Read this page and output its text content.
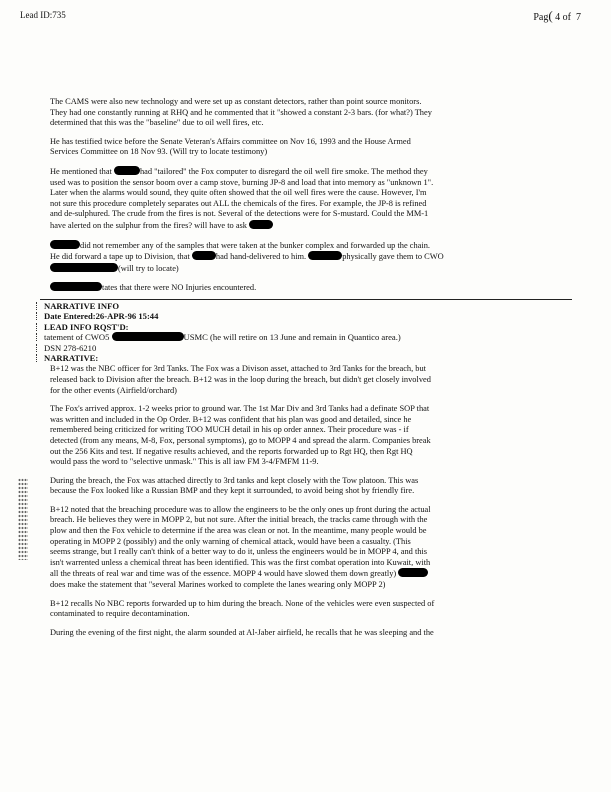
Lead ID:735	Pag( 4 of 7
The CAMS were also new technology and were set up as constant detectors, rather than point source monitors.
They had one constantly running at RHQ and he commented that it "showed a constant 2-3 bars. (for what?) They
determined that this was the "baseline" due to oil well fires, etc.
He has testified twice before the Senate Veteran's Affairs committee on Nov 16, 1993 and the House Armed
Services Committee on 18 Nov 93. (Will try to locate testimony)
He mentioned that	had "tailored" the Fox computer to disregard the oil well fire smoke. The method they
used was to position the sensor boom over a camp stove, burning JP-8 and load that into memory as "unknown 1".
Later when the alarms would sound, they quite often showed that the oil well fires were the cause. However, I'm
not sure this procedure completely separates out ALL the chemicals of the fires. For example, the JP-8 is refined
and de-sulphured. The crude from the fires is not. Several of the detections were for S-mustard. Could the MM-1
have alerted on the sulphur from the fires? will have to ask
did not remember any of the samples that were taken at the bunker complex and forwarded up the chain.
He did forward a tape up to Division, that	had hand-delivered to him.	physically gave them to CWO
(will try to locate)
tates that there were NO Injuries encountered.
NARRATIVE INFO
Date Entered:26-APR-96 15:44
LEAD INFO RQST'D:
tatement of CWO5	USMC (he will retire on 13 June and remain in Quantico area.)
DSN 278-6210
NARRATIVE:
B+12 was the NBC officer for 3rd Tanks. The Fox was a Divison asset, attached to 3rd Tanks for the breach, but
released back to Division after the breach. B+12 was in the loop during the breach, but didn't get closely involved
for the other events (Airfield/orchard)
The Fox's arrived approx. 1-2 weeks prior to ground war. The 1st Mar Div and 3rd Tanks had a definate SOP that
was written and included in the Op Order. B+12 was confident that his plan was good and detailed, since he
remembered being criticized for writing TOO MUCH detail in his op order annex. Their procedure was - if
detected (from any means, M-8, Fox, personal symptoms), go to MOPP 4 and spread the alarm. Companies break
out the 256 Kits and test. If negative results achieved, and the reports forwarded up to Rgt HQ, then Rgt HQ
would pass the word to "selective unmask." This is all iaw FM 3-4/FMFM 11-9.
During the breach, the Fox was attached directly to 3rd tanks and kept closely with the Tow platoon. This was
because the Fox looked like a Russian BMP and they kept it surrounded, to avoid being shot by friendly fire.
B+12 noted that the breaching procedure was to allow the engineers to be the only ones up front during the actual
breach. He believes they were in MOPP 2, but not sure. After the initial breach, the tracks came through with the
plow and then the Fox vehicle to determine if the area was clean or not. In the meantime, many people would be
operating in MOPP 2 (possibly) and the only warning of chemical attack, would have been a casualty. (This
seems strange, but I really can't think of a better way to do it, unless the engineers would be in MOPP 4, and this
isn't warrented unless a chemical threat has been identified. This was the first combat operation into Kuwait, with
all the threats of real war and time was of the essence. MOPP 4 would have slowed them down greatly)
does make the statement that "several Marines worked to complete the lanes wearing only MOPP 2)
B+12 recalls No NBC reports forwarded up to him during the breach. None of the vehicles were even suspected of
contaminated to require decontamination.
During the evening of the first night, the alarm sounded at Al-Jaber airfield, he recalls that he was sleeping and the
